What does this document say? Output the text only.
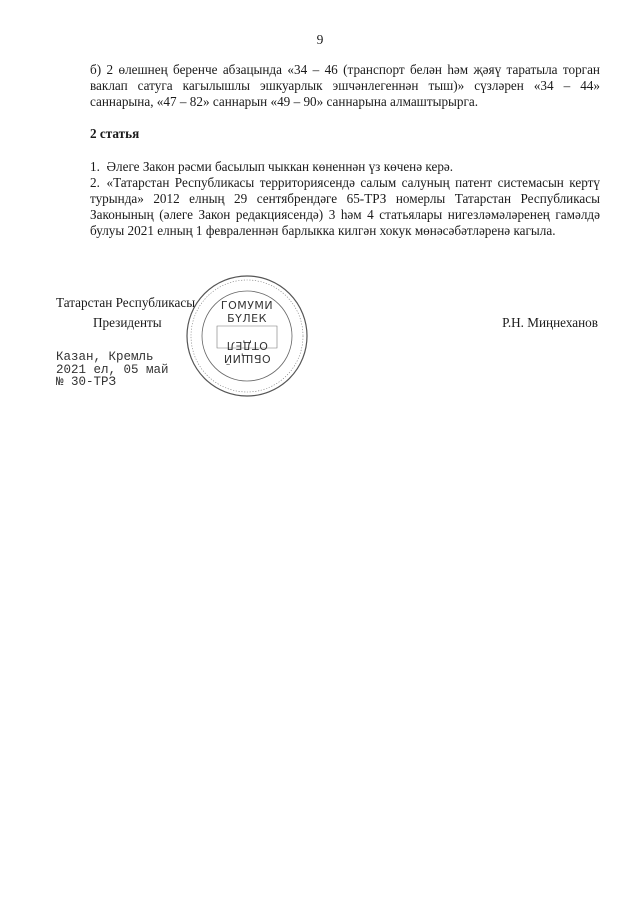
9

б) 2 өлешнең беренче абзацында «34 – 46 (транспорт белән һәм җәяү таратыла торган ваклап сатуга кагылышлы эшкуарлык эшчәнлегеннән тыш)» сүзләрен «34 – 44» саннарына, «47 – 82» саннарын «49 – 90» саннарына алмаштырырга.

2 статья

1. Әлеге Закон рәсми басылып чыккан көненнән үз көченә керә.

2. «Татарстан Республикасы территориясендә салым салуның патент системасын кертү турында» 2012 елның 29 сентябрендәге 65-ТРЗ номерлы Татарстан Республикасы Законының (әлеге Закон редакциясендә) 3 һәм 4 статьялары нигезләмәләренең гамәлдә булуы 2021 елның 1 февраленнән барлыкка килгән хокук мөнәсәбәтләренә кагыла.

ГОМУМИ
БҮЛЕК
ОТДЕЛ
ОБЩИЙ

Татарстан Республикасы

Президенты	Р.Н. Миңнеханов

Казан, Кремль
2021 ел, 05 май
№ 30-ТРЗ
